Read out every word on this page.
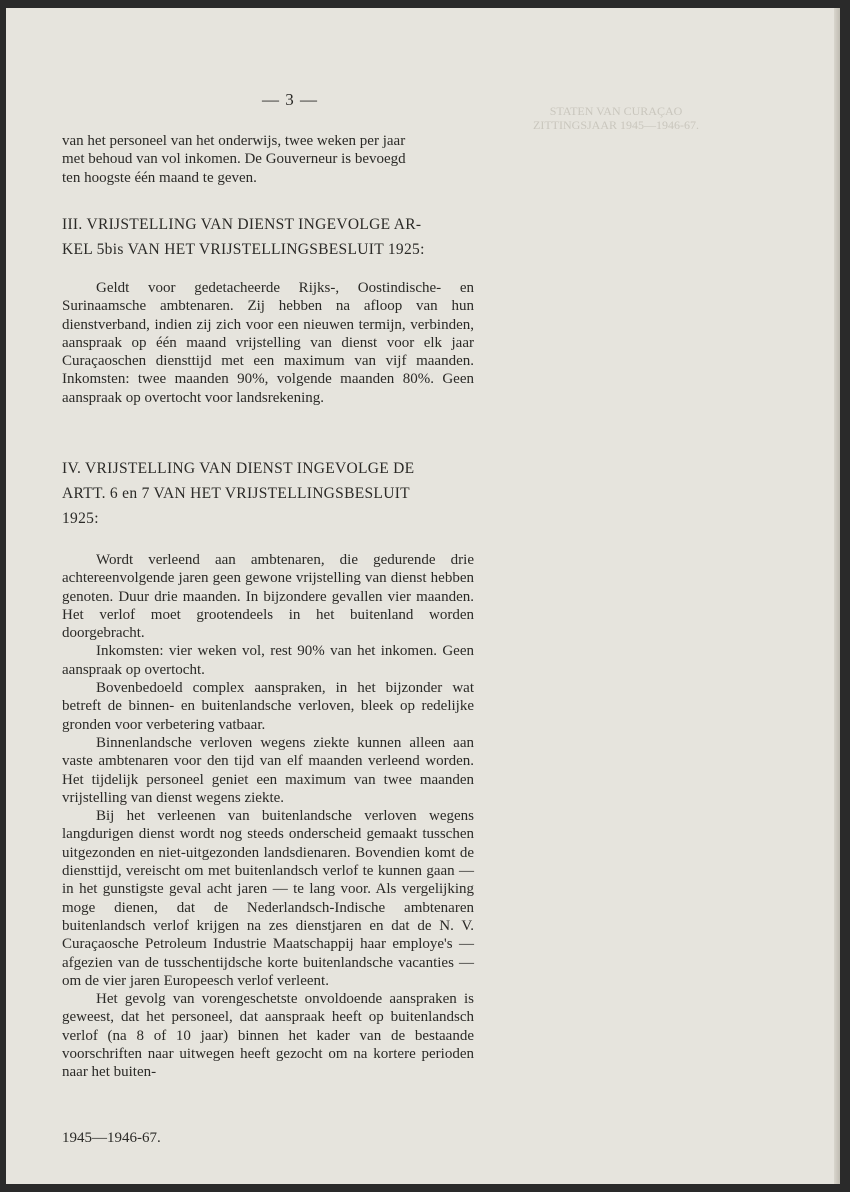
STATEN VAN CURAÇAO
ZITTINGSJAAR 1945—1946-67.
— 3 —
van het personeel van het onderwijs, twee weken per jaar
met behoud van vol inkomen. De Gouverneur is bevoegd
ten hoogste één maand te geven.
III. VRIJSTELLING VAN DIENST INGEVOLGE AR-
KEL 5bis VAN HET VRIJSTELLINGSBESLUIT 1925:

Geldt voor gedetacheerde Rijks-, Oostindische- en Surinaamsche ambtenaren. Zij hebben na afloop van hun dienstverband, indien zij zich voor een nieuwen termijn, verbinden, aanspraak op één maand vrijstelling van dienst voor elk jaar Curaçaoschen diensttijd met een maximum van vijf maanden. Inkomsten: twee maanden 90%, volgende maanden 80%. Geen aanspraak op overtocht voor landsrekening.

IV. VRIJSTELLING VAN DIENST INGEVOLGE DE
ARTT. 6 en 7 VAN HET VRIJSTELLINGSBESLUIT
1925:

Wordt verleend aan ambtenaren, die gedurende drie achtereenvolgende jaren geen gewone vrijstelling van dienst hebben genoten. Duur drie maanden. In bijzondere gevallen vier maanden. Het verlof moet grootendeels in het buitenland worden doorgebracht.

Inkomsten: vier weken vol, rest 90% van het inkomen. Geen aanspraak op overtocht.

Bovenbedoeld complex aanspraken, in het bijzonder wat betreft de binnen- en buitenlandsche verloven, bleek op redelijke gronden voor verbetering vatbaar.

Binnenlandsche verloven wegens ziekte kunnen alleen aan vaste ambtenaren voor den tijd van elf maanden verleend worden. Het tijdelijk personeel geniet een maximum van twee maanden vrijstelling van dienst wegens ziekte.

Bij het verleenen van buitenlandsche verloven wegens langdurigen dienst wordt nog steeds onderscheid gemaakt tusschen uitgezonden en niet-uitgezonden landsdienaren. Bovendien komt de diensttijd, vereischt om met buitenlandsch verlof te kunnen gaan — in het gunstigste geval acht jaren — te lang voor. Als vergelijking moge dienen, dat de Nederlandsch-Indische ambtenaren buitenlandsch verlof krijgen na zes dienstjaren en dat de N. V. Curaçaosche Petroleum Industrie Maatschappij haar employe's — afgezien van de tusschentijdsche korte buitenlandsche vacanties — om de vier jaren Europeesch verlof verleent.

Het gevolg van vorengeschetste onvoldoende aanspraken is geweest, dat het personeel, dat aanspraak heeft op buitenlandsch verlof (na 8 of 10 jaar) binnen het kader van de bestaande voorschriften naar uitwegen heeft gezocht om na kortere perioden naar het buiten-

1945—1946-67.
